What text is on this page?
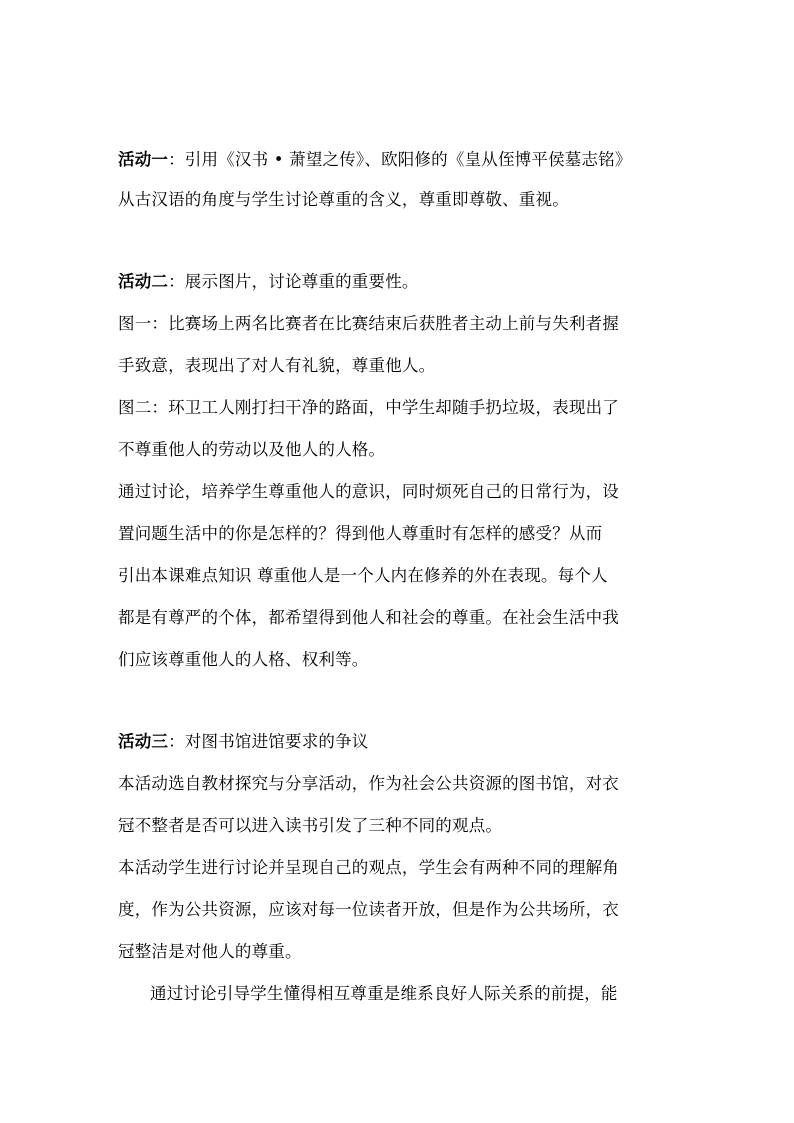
活动一：引用《汉书 • 萧望之传》、欧阳修的《皇从侄博平侯墓志铭》
从古汉语的角度与学生讨论尊重的含义，尊重即尊敬、重视。
活动二：展示图片，讨论尊重的重要性。
图一：比赛场上两名比赛者在比赛结束后获胜者主动上前与失利者握
手致意，表现出了对人有礼貌，尊重他人。
图二：环卫工人刚打扫干净的路面，中学生却随手扔垃圾，表现出了
不尊重他人的劳动以及他人的人格。
通过讨论，培养学生尊重他人的意识，同时烦死自己的日常行为，设
置问题生活中的你是怎样的？得到他人尊重时有怎样的感受？从而
引出本课难点知识 尊重他人是一个人内在修养的外在表现。每个人
都是有尊严的个体，都希望得到他人和社会的尊重。在社会生活中我
们应该尊重他人的人格、权利等。
活动三：对图书馆进馆要求的争议
本活动选自教材探究与分享活动，作为社会公共资源的图书馆，对衣
冠不整者是否可以进入读书引发了三种不同的观点。
本活动学生进行讨论并呈现自己的观点，学生会有两种不同的理解角
度，作为公共资源，应该对每一位读者开放，但是作为公共场所，衣
冠整洁是对他人的尊重。
通过讨论引导学生懂得相互尊重是维系良好人际关系的前提，能
